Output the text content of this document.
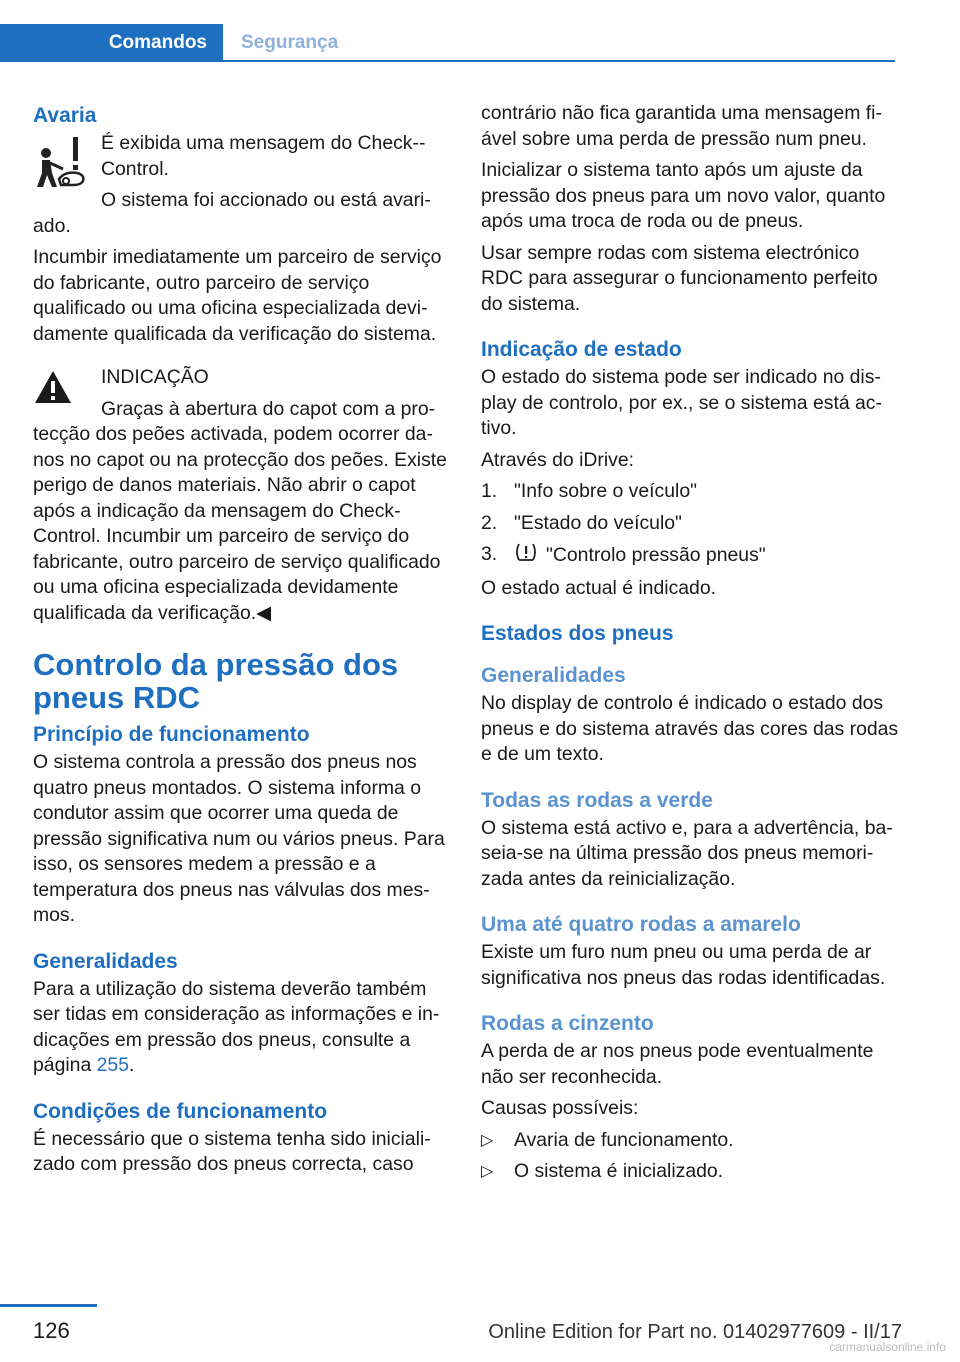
Comandos	Segurança
Avaria

É exibida uma mensagem do Check--Control.

O sistema foi accionado ou está avariado.

Incumbir imediatamente um parceiro de serviço do fabricante, outro parceiro de serviço qualificado ou uma oficina especializada devidamente qualificada da verificação do sistema.

INDICAÇÃO

Graças à abertura do capot com a protecção dos peões activada, podem ocorrer danos no capot ou na protecção dos peões. Existe perigo de danos materiais. Não abrir o capot após a indicação da mensagem do Check-Control. Incumbir um parceiro de serviço do fabricante, outro parceiro de serviço qualificado ou uma oficina especializada devidamente qualificada da verificação.◀

Controlo da pressão dos pneus RDC
Princípio de funcionamento

O sistema controla a pressão dos pneus nos quatro pneus montados. O sistema informa o condutor assim que ocorrer uma queda de pressão significativa num ou vários pneus. Para isso, os sensores medem a pressão e a temperatura dos pneus nas válvulas dos mesmos.

Generalidades

Para a utilização do sistema deverão também ser tidas em consideração as informações e indicações em pressão dos pneus, consulte a página 255.

Condições de funcionamento

É necessário que o sistema tenha sido inicializado com pressão dos pneus correcta, caso

contrário não fica garantida uma mensagem fiável sobre uma perda de pressão num pneu.

Inicializar o sistema tanto após um ajuste da pressão dos pneus para um novo valor, quanto após uma troca de roda ou de pneus.

Usar sempre rodas com sistema electrónico RDC para assegurar o funcionamento perfeito do sistema.

Indicação de estado

O estado do sistema pode ser indicado no display de controlo, por ex., se o sistema está activo.

Através do iDrive:

1. "Info sobre o veículo"
2. "Estado do veículo"
3.	"Controlo pressão pneus"

O estado actual é indicado.

Estados dos pneus
Generalidades

No display de controlo é indicado o estado dos pneus e do sistema através das cores das rodas e de um texto.

Todas as rodas a verde

O sistema está activo e, para a advertência, baseia-se na última pressão dos pneus memorizada antes da reinicialização.

Uma até quatro rodas a amarelo

Existe um furo num pneu ou uma perda de ar significativa nos pneus das rodas identificadas.

Rodas a cinzento

A perda de ar nos pneus pode eventualmente não ser reconhecida.

Causas possíveis:

▷ Avaria de funcionamento.
▷ O sistema é inicializado.
126	Online Edition for Part no. 01402977609 - II/17
carmanualsonline.info
